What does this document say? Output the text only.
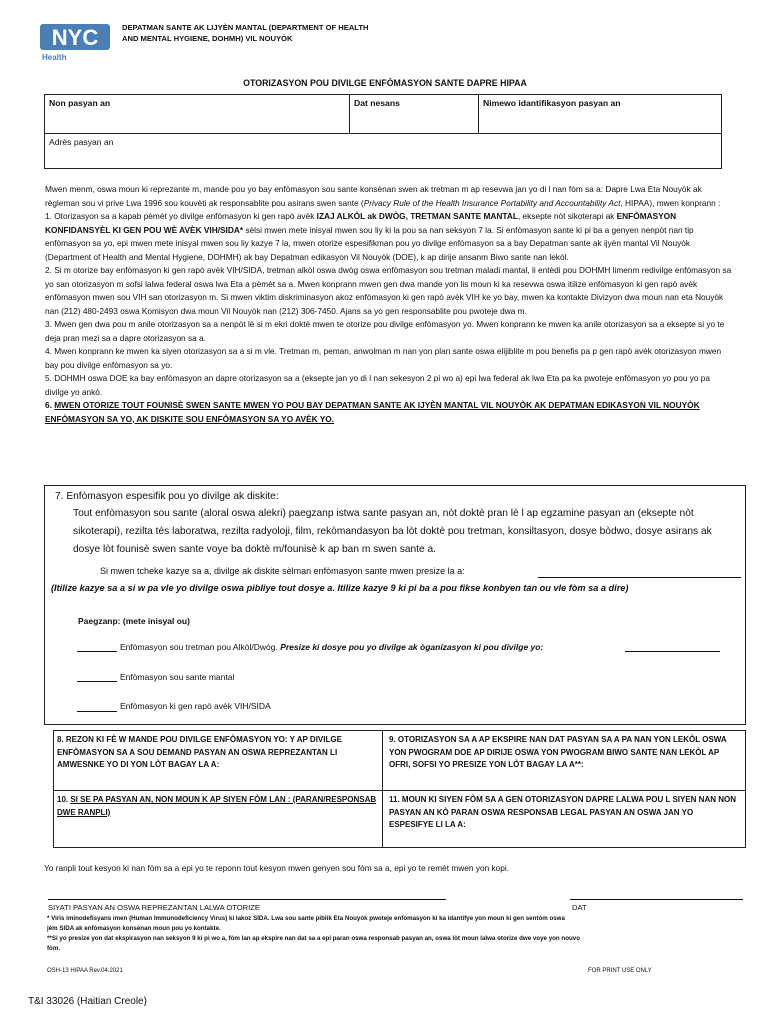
NYC
Health
DEPATMAN SANTE AK LIJYÈN MANTAL (DEPARTMENT OF HEALTH AND MENTAL HYGIENE, DOHMH) VIL NOUYÒK
OTORIZASYON POU DIVILGE ENFÒMASYON SANTE DAPRE HIPAA
Non pasyan an	Dat nesans	Nimewo idantifikasyon pasyan an
Adrès pasyan an

Mwen menm, oswa moun ki reprezante m, mande pou yo bay enfòmasyon sou sante konsènan swen ak tretman m ap resevwa jan yo di l nan fòm sa a: Dapre Lwa Eta Nouyòk ak règleman sou vi prive Lwa 1996 sou kouvèti ak responsablite pou asirans swen sante (Privacy Rule of the Health Insurance Portability and Accountability Act, HIPAA), mwen konprann :

1. Otorizasyon sa a kapab pèmèt yo divilge enfòmasyon ki gen rapò avèk IZAJ ALKÒL ak DWÒG, TRETMAN SANTE MANTAL, eksepte nòt sikoterapi ak ENFÒMASYON KONFIDANSYÈL KI GEN POU WÈ AVÈK VIH/SIDA* sèlsi mwen mete inisyal mwen sou liy ki la pou sa nan seksyon 7 la. Si enfòmasyon sante ki pi ba a genyen nenpòt nan tip enfòmasyon sa yo, epi mwen mete inisyal mwen sou liy kazye 7 la, mwen otorize espesifikman pou yo divilge enfòmasyon sa a bay Depatman sante ak ijyèn mantal Vil Nouyòk (Department of Health and Mental Hygiene, DOHMH) ak bay Depatman edikasyon Vil Nouyòk (DOE), k ap dirije ansanm Biwo sante nan lekòl.

2. Si m otorize bay enfòmasyon ki gen rapò avèk VIH/SIDA, tretman alkòl oswa dwòg oswa enfòmasyon sou tretman maladi mantal, li entèdi pou DOHMH limenm redivilge enfòmasyon sa yo san otorizasyon m sofsi lalwa federal oswa lwa Eta a pèmèt sa a. Mwen konprann mwen gen dwa mande yon lis moun ki ka resevwa oswa itilize enfòmasyon ki gen rapò avèk enfòmasyon mwen sou VIH san otorizasyon m. Si mwen viktim diskriminasyon akoz enfòmasyon ki gen rapò avèk VIH ke yo bay, mwen ka kontakte Divizyon dwa moun nan eta Nouyòk nan (212) 480-2493 oswa Komisyon dwa moun Vil Nouyòk nan (212) 306-7450. Ajans sa yo gen responsablite pou pwoteje dwa m.

3. Mwen gen dwa pou m anile otorizasyon sa a nenpòt lè si m ekri doktè mwen te otorize pou divilge enfòmasyon yo. Mwen konprann ke mwen ka anile otorizasyon sa a eksepte si yo te deja pran mezi sa a dapre otorizasyon sa a.

4. Mwen konprann ke mwen ka siyen otorizasyon sa a si m vle. Tretman m, peman, anwolman m nan yon plan sante oswa elijiblite m pou benefis pa p gen rapò avèk otorizasyon mwen bay pou divilge enfòmasyon sa yo.

5. DOHMH oswa DOE ka bay enfòmasyon an dapre otorizasyon sa a (eksepte jan yo di l nan sekesyon 2 pi wo a) epi lwa federal ak lwa Eta pa ka pwoteje enfòmasyon yo pou yo pa divilge yo ankò.

6. MWEN OTORIZE TOUT FOUNISÈ SWEN SANTE MWEN YO POU BAY DEPATMAN SANTE AK IJYÈN MANTAL VIL NOUYÒK AK DEPATMAN EDIKASYON VIL NOUYÒK ENFÒMASYON SA YO, AK DISKITE SOU ENFÒMASYON SA YO AVÈK YO.

7. Enfòmasyon espesifik pou yo divilge ak diskite:
Tout enfòmasyon sou sante (aloral oswa alekri) paegzanp istwa sante pasyan an, nòt doktè pran lè l ap egzamine pasyan an (eksepte nòt sikoterapi), rezilta tès laboratwa, rezilta radyoloji, film, rekòmandasyon ba lòt doktè pou tretman, konsiltasyon, dosye bòdwo, dosye asirans ak dosye lòt founisè swen sante voye ba doktè m/founisè k ap ban m swen sante a.
Si mwen tcheke kazye sa a, divilge ak diskite sèlman enfòmasyon sante mwen presize la a:
(Itilize kazye sa a si w pa vle yo divilge oswa pibliye tout dosye a. Itilize kazye 9 ki pi ba a pou fikse konbyen tan ou vle fòm sa a dire)
Paegzanp: (mete inisyal ou)
Enfòmasyon sou tretman pou Alkòl/Dwòg. Presize ki dosye pou yo divilge ak òganizasyon ki pou divilge yo:
Enfòmasyon sou sante mantal
Enfòmasyon ki gen rapò avèk VIH/SIDA
8. REZON KI FÈ W MANDE POU DIVILGE ENFÒMASYON YO: Y AP DIVILGE ENFÒMASYON SA A SOU DEMAND PASYAN AN OSWA REPREZANTAN LI AMWESNKE YO DI YON LÒT BAGAY LA A:
9. OTORIZASYON SA A AP EKSPIRE NAN DAT PASYAN SA A PA NAN YON LEKÒL OSWA YON PWOGRAM DOE AP DIRIJE OSWA YON PWOGRAM BIWO SANTE NAN LEKÒL AP OFRI, SOFSI YO PRESIZE YON LÒT BAGAY LA A**:
10. SI SE PA PASYAN AN, NON MOUN K AP SIYEN FÒM LAN : (PARAN/RESPONSAB DWE RANPLI)
11. MOUN KI SIYEN FÒM SA A GEN OTORIZASYON DAPRE LALWA POU L SIYEN NAN NON PASYAN AN KÒ PARAN OSWA RESPONSAB LEGAL PASYAN AN OSWA JAN YO ESPESIFYE LI LA A:
Yo ranpli tout kesyon ki nan fòm sa a epi yo te reponn tout kesyon mwen genyen sou fòm sa a, epi yo te remèt mwen yon kopi.
SIYATI PASYAN AN OSWA REPREZANTAN LALWA OTORIZE	DAT
* Viris iminodefisyans imen (Human Immunodeficiency Virus) ki lakoz SIDA. Lwa sou sante piblik Eta Nouyòk pwoteje enfòmasyon ki ka idantifye yon moun ki gen sentòm oswa
jèm SIDA ak enfòmasyon konsènan moun pou yo kontakte.
**Si yo presize yon dat ekspirasyon nan seksyon 9 ki pi wo a, fòm lan ap ekspire nan dat sa a epi paran oswa responsab pasyan an, oswa lòt moun lalwa otorize dwe voye yon nouvo
fòm.
OSH-13 HIPAA Rev.04.2021	FOR PRINT USE ONLY
T&I 33026 (Haitian Creole)
